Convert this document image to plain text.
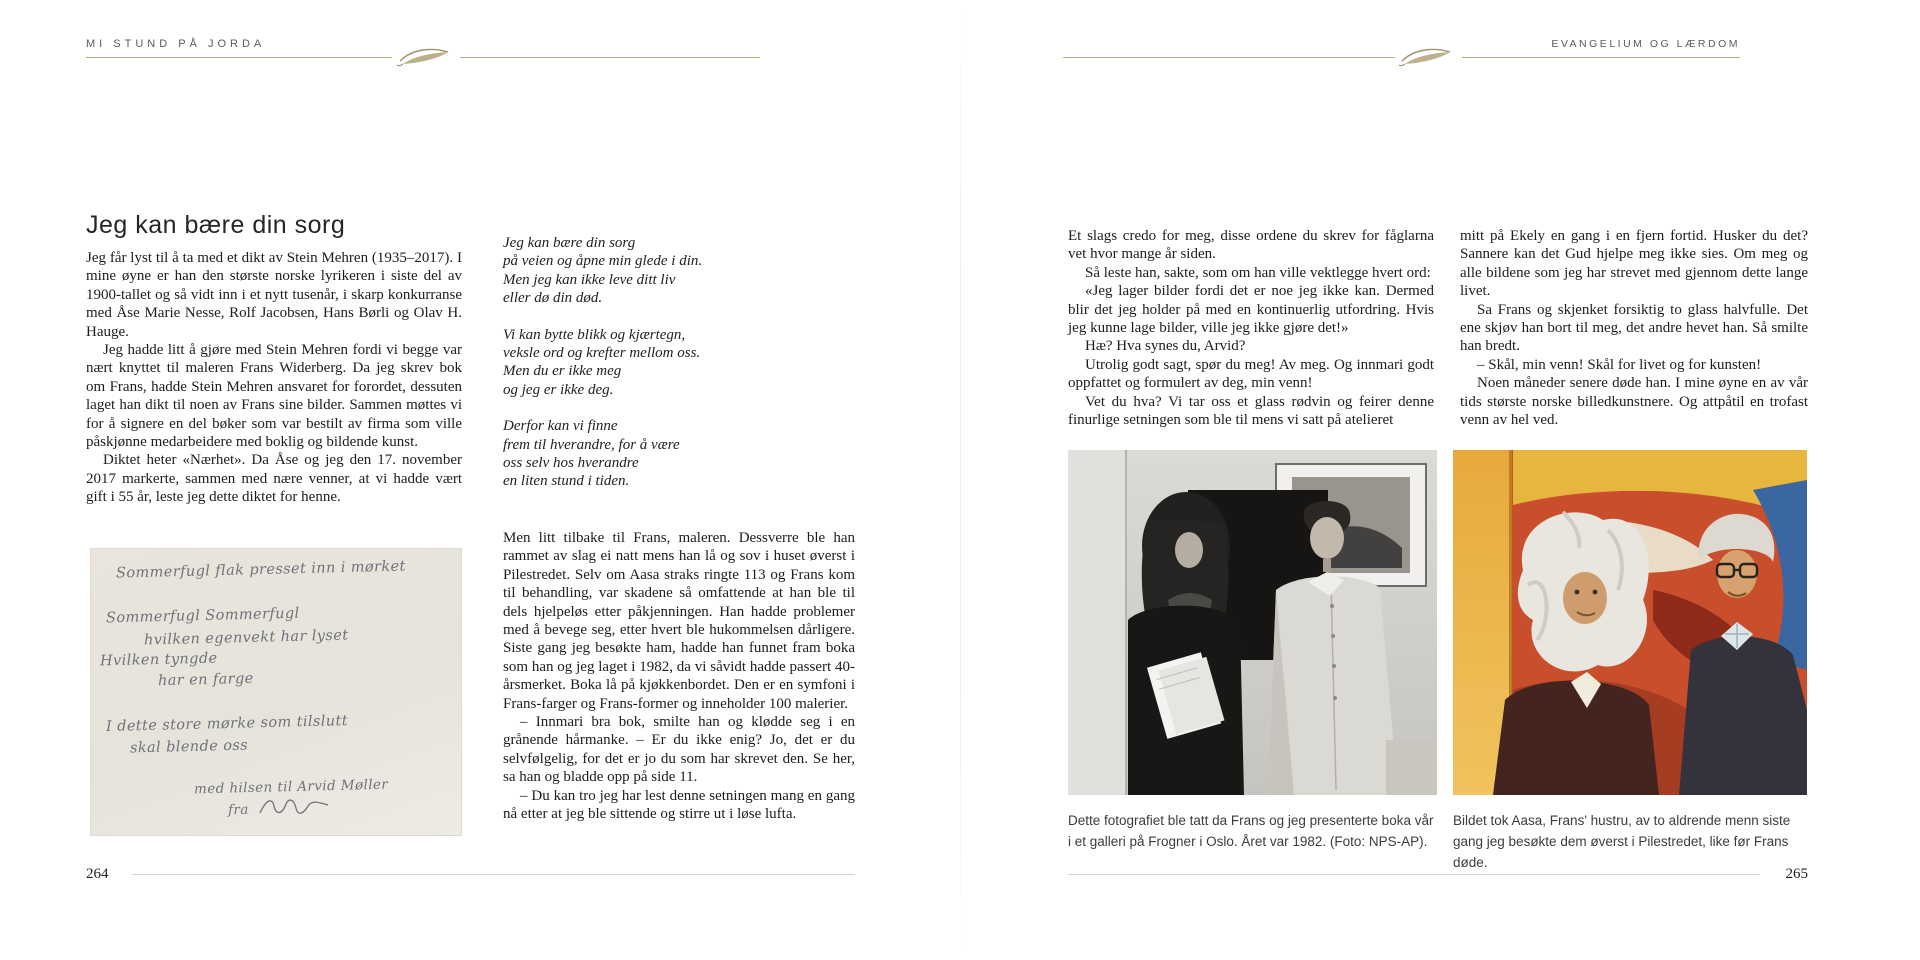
MI STUND PÅ JORDA
Jeg kan bære din sorg

Jeg får lyst til å ta med et dikt av Stein Mehren (1935–2017). I mine øyne er han den største norske lyrikeren i siste del av 1900-tallet og så vidt inn i et nytt tusenår, i skarp konkurranse med Åse Marie Nesse, Rolf Jacobsen, Hans Børli og Olav H. Hauge.

Jeg hadde litt å gjøre med Stein Mehren fordi vi begge var nært knyttet til maleren Frans Widerberg. Da jeg skrev bok om Frans, hadde Stein Mehren ansvaret for forordet, dessuten laget han dikt til noen av Frans sine bilder. Sammen møttes vi for å signere en del bøker som var bestilt av firma som ville påskjønne medarbeidere med boklig og bildende kunst.

Diktet heter «Nærhet». Da Åse og jeg den 17. november 2017 markerte, sammen med nære venner, at vi hadde vært gift i 55 år, leste jeg dette diktet for henne.

Sommerfugl flak presset inn i mørket
Sommerfugl Sommerfugl
hvilken egenvekt har lyset
Hvilken tyngde
har en farge
I dette store mørke som tilslutt
skal blende oss
med hilsen til Arvid Møller
fra
Jeg kan bære din sorg
på veien og åpne min glede i din.
Men jeg kan ikke leve ditt liv
eller dø din død.
Vi kan bytte blikk og kjærtegn,
veksle ord og krefter mellom oss.
Men du er ikke meg
og jeg er ikke deg.
Derfor kan vi finne
frem til hverandre, for å være
oss selv hos hverandre
en liten stund i tiden.

Men litt tilbake til Frans, maleren. Dessverre ble han rammet av slag ei natt mens han lå og sov i huset øverst i Pilestredet. Selv om Aasa straks ringte 113 og Frans kom til behandling, var skadene så omfattende at han ble til dels hjelpeløs etter påkjenningen. Han hadde problemer med å bevege seg, etter hvert ble hukommelsen dårligere. Siste gang jeg besøkte ham, hadde han funnet fram boka som han og jeg laget i 1982, da vi såvidt hadde passert 40-årsmerket. Boka lå på kjøkkenbordet. Den er en symfoni i Frans-farger og Frans-former og inneholder 100 malerier.

– Innmari bra bok, smilte han og klødde seg i en grånende hårmanke. – Er du ikke enig? Jo, det er du selvfølgelig, for det er jo du som har skrevet den. Se her, sa han og bladde opp på side 11.

– Du kan tro jeg har lest denne setningen mang en gang nå etter at jeg ble sittende og stirre ut i løse lufta.

264
EVANGELIUM OG LÆRDOM

Et slags credo for meg, disse ordene du skrev for fåglarna vet hvor mange år siden.

Så leste han, sakte, som om han ville vektlegge hvert ord:

«Jeg lager bilder fordi det er noe jeg ikke kan. Dermed blir det jeg holder på med en kontinuerlig utfordring. Hvis jeg kunne lage bilder, ville jeg ikke gjøre det!»

Hæ? Hva synes du, Arvid?

Utrolig godt sagt, spør du meg! Av meg. Og innmari godt oppfattet og formulert av deg, min venn!

Vet du hva? Vi tar oss et glass rødvin og feirer denne finurlige setningen som ble til mens vi satt på atelieret

mitt på Ekely en gang i en fjern fortid. Husker du det? Sannere kan det Gud hjelpe meg ikke sies. Om meg og alle bildene som jeg har strevet med gjennom dette lange livet.

Sa Frans og skjenket forsiktig to glass halvfulle. Det ene skjøv han bort til meg, det andre hevet han. Så smilte han bredt.

– Skål, min venn! Skål for livet og for kunsten!

Noen måneder senere døde han. I mine øyne en av vår tids største norske billedkunstnere. Og attpåtil en trofast venn av hel ved.

Dette fotografiet ble tatt da Frans og jeg presenterte boka vår i et galleri på Frogner i Oslo. Året var 1982. (Foto: NPS-AP).
Bildet tok Aasa, Frans' hustru, av to aldrende menn siste gang jeg besøkte dem øverst i Pilestredet, like før Frans døde.
265
